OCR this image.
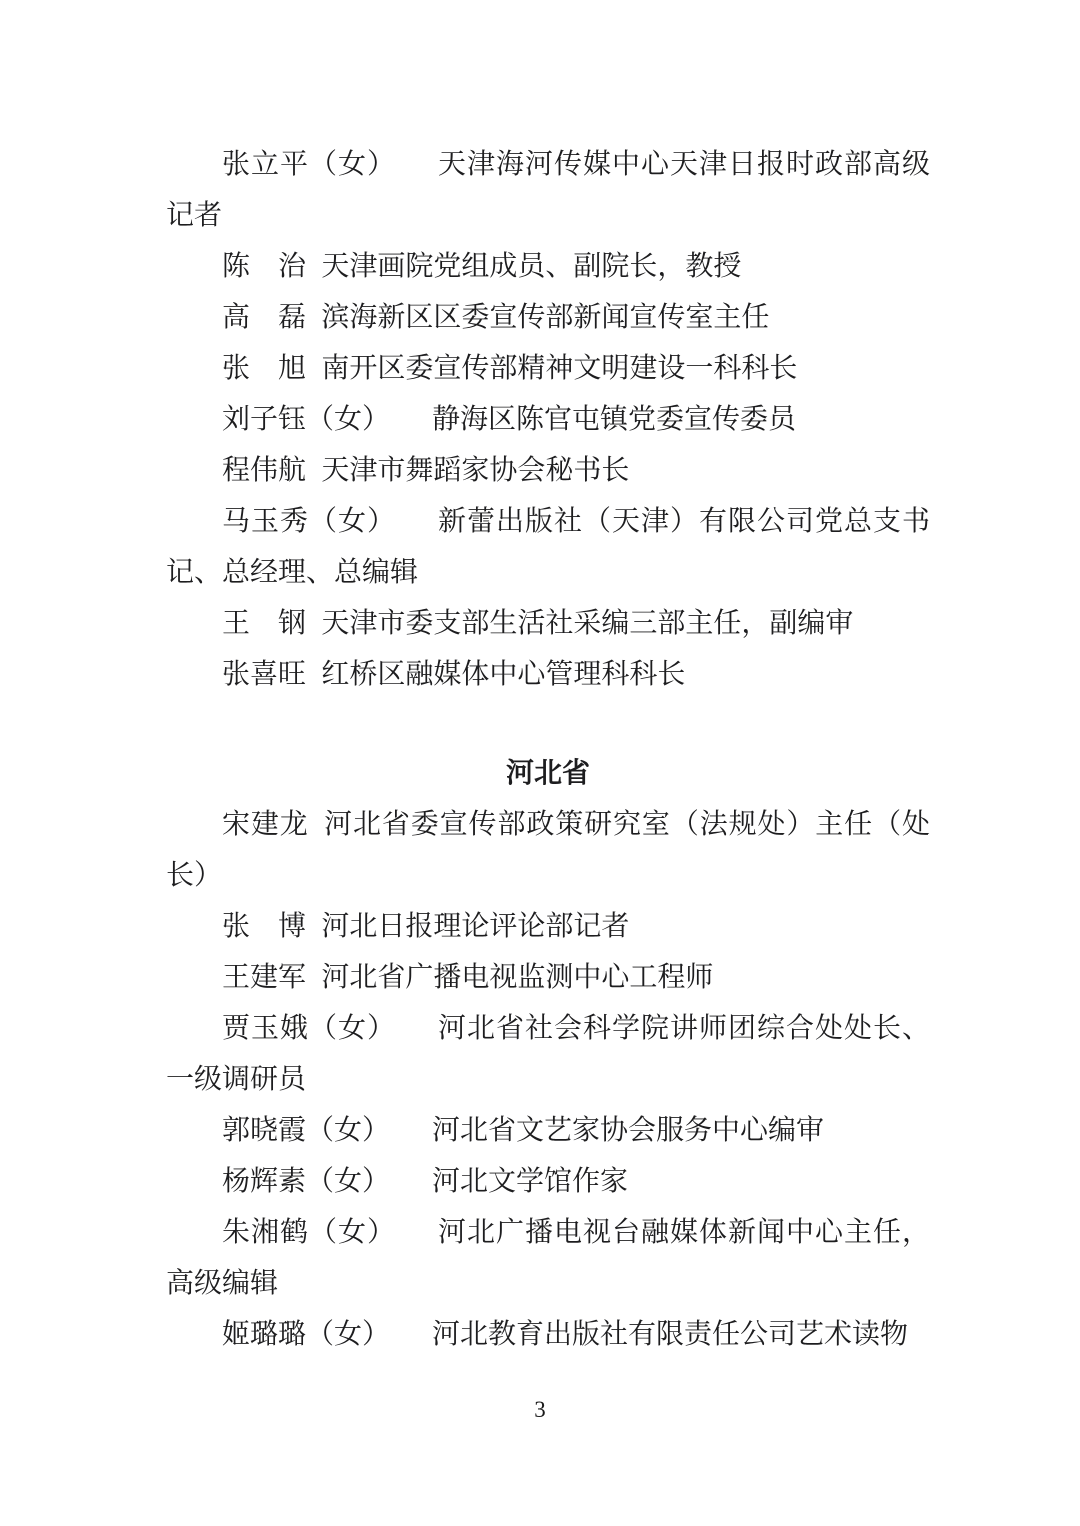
张立平（女） 天津海河传媒中心天津日报时政部高级记者

陈　治 天津画院党组成员、副院长，教授

高　磊 滨海新区区委宣传部新闻宣传室主任

张　旭 南开区委宣传部精神文明建设一科科长

刘子钰（女） 静海区陈官屯镇党委宣传委员

程伟航 天津市舞蹈家协会秘书长

马玉秀（女） 新蕾出版社（天津）有限公司党总支书记、总经理、总编辑

王　钢 天津市委支部生活社采编三部主任，副编审

张喜旺 红桥区融媒体中心管理科科长

河北省

宋建龙 河北省委宣传部政策研究室（法规处）主任（处长）

张　博 河北日报理论评论部记者

王建军 河北省广播电视监测中心工程师

贾玉娥（女） 河北省社会科学院讲师团综合处处长、一级调研员

郭晓霞（女） 河北省文艺家协会服务中心编审

杨辉素（女） 河北文学馆作家

朱湘鹤（女） 河北广播电视台融媒体新闻中心主任，高级编辑

姬璐璐（女） 河北教育出版社有限责任公司艺术读物

3
